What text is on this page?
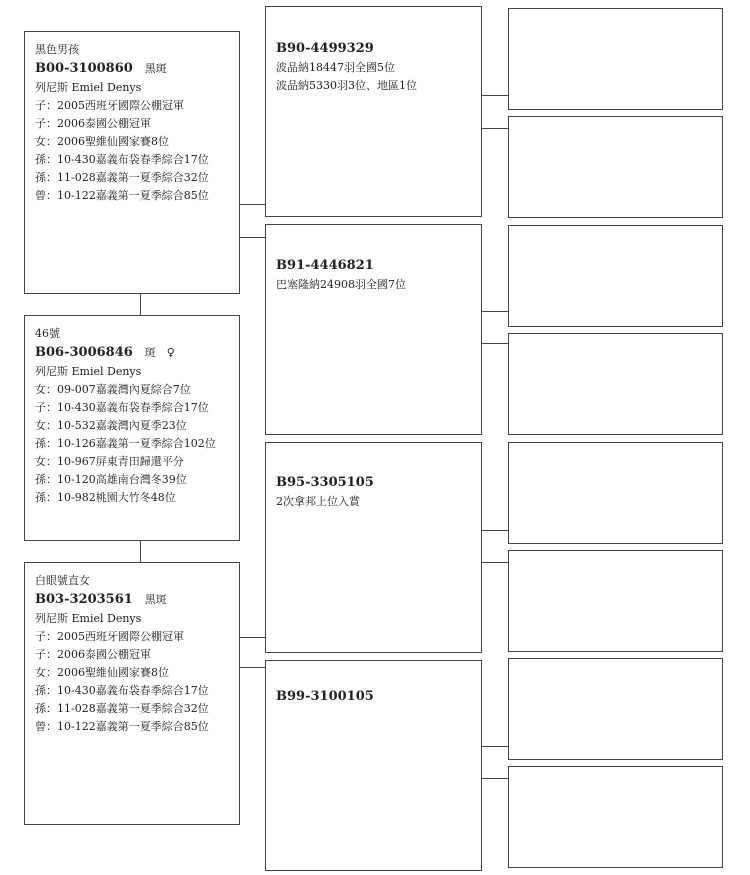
黑色男孩
B00-3100860 黑斑
列尼斯 Emiel Denys
子：2005西班牙國際公棚冠軍
子：2006泰國公棚冠軍
女：2006聖維仙國家賽8位
孫：10-430嘉義布袋春季綜合17位
孫：11-028嘉義第一夏季綜合32位
曾：10-122嘉義第一夏季綜合85位
46號
B06-3006846 斑　♀
列尼斯 Emiel Denys
女：09-007嘉義灣內夏綜合7位
子：10-430嘉義布袋春季綜合17位
女：10-532嘉義灣內夏季23位
孫：10-126嘉義第一夏季綜合102位
女：10-967屏東青田歸還平分
孫：10-120高雄南台灣冬39位
孫：10-982桃園大竹冬48位
白眼號直女
B03-3203561 黑斑
列尼斯 Emiel Denys
子：2005西班牙國際公棚冠軍
子：2006泰國公棚冠軍
女：2006聖維仙國家賽8位
孫：10-430嘉義布袋春季綜合17位
孫：11-028嘉義第一夏季綜合32位
曾：10-122嘉義第一夏季綜合85位
B90-4499329
波品納18447羽全國5位
波品納5330羽3位、地區1位
B91-4446821
巴塞隆納24908羽全國7位
B95-3305105
2次拿邦上位入賞
B99-3100105
